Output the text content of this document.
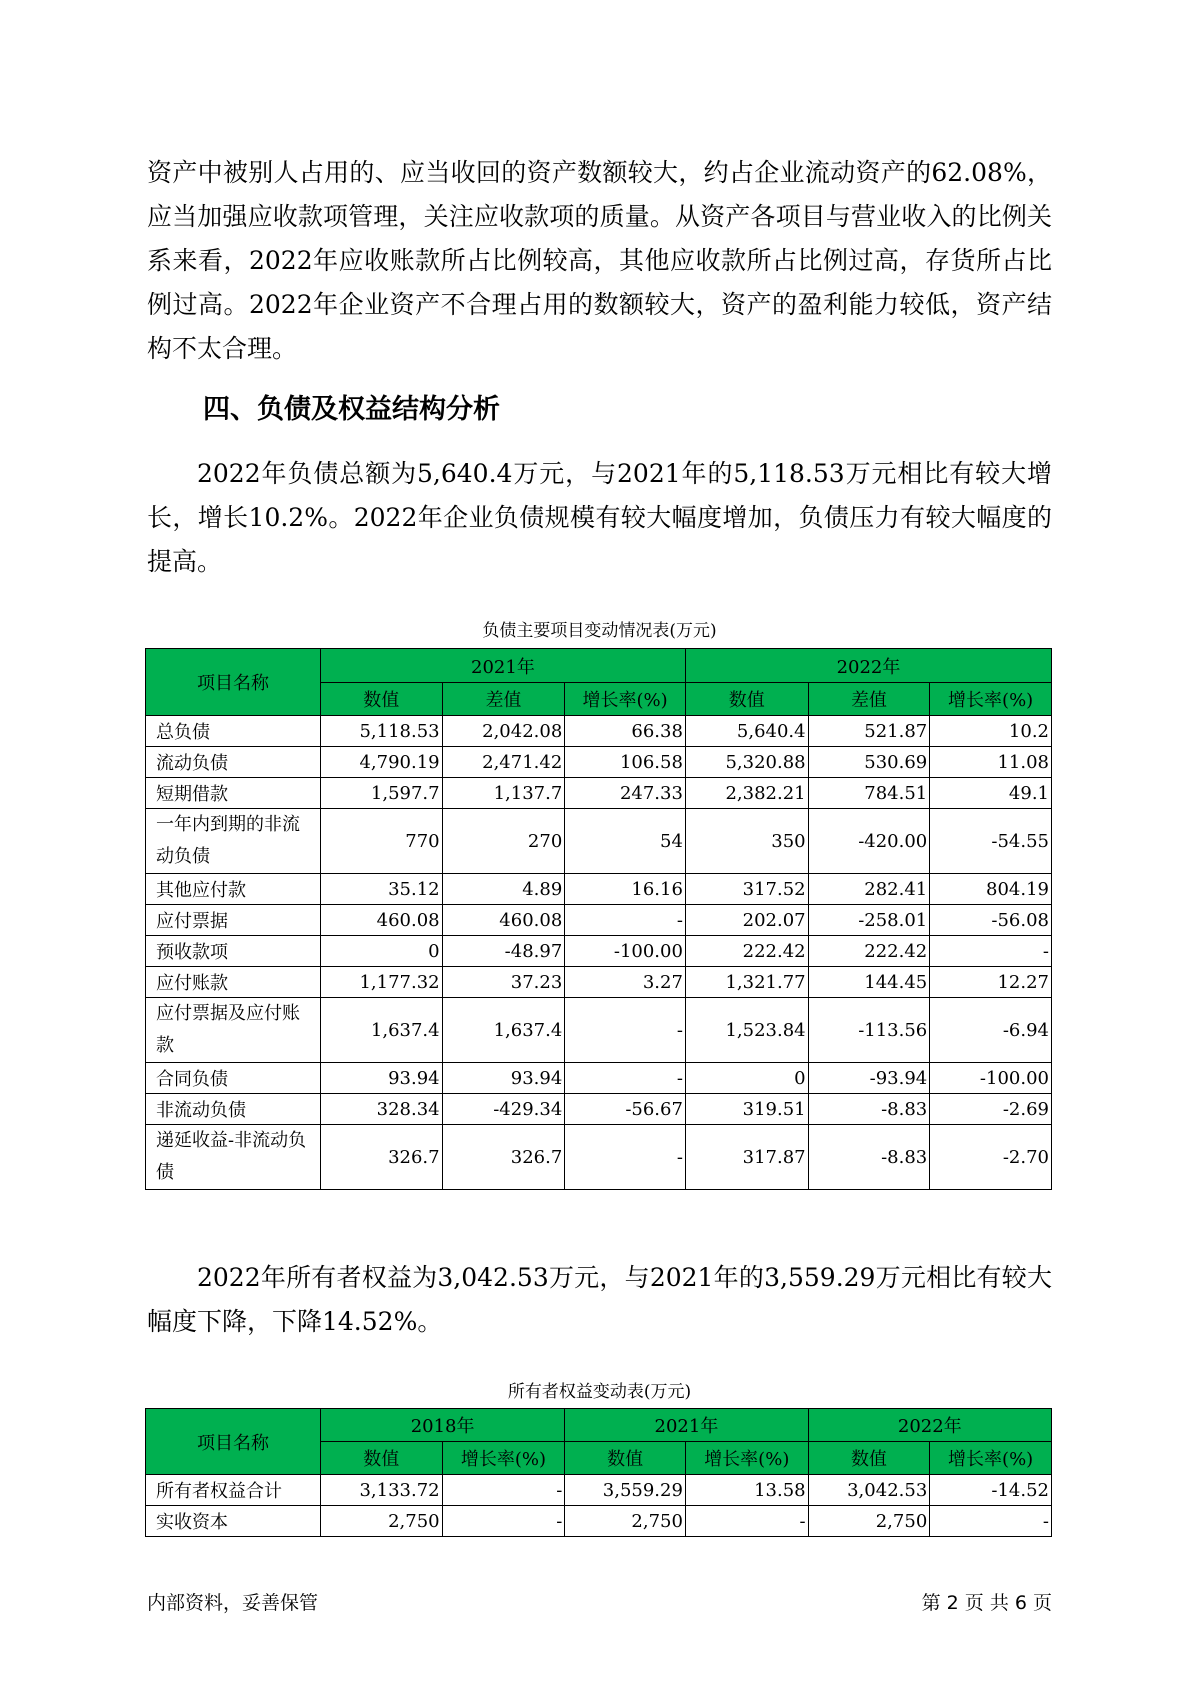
资产中被别人占用的、应当收回的资产数额较大，约占企业流动资产的62.08%，应当加强应收款项管理，关注应收款项的质量。从资产各项目与营业收入的比例关系来看，2022年应收账款所占比例较高，其他应收款所占比例过高，存货所占比例过高。2022年企业资产不合理占用的数额较大，资产的盈利能力较低，资产结构不太合理。

四、负债及权益结构分析

2022年负债总额为5,640.4万元，与2021年的5,118.53万元相比有较大增长，增长10.2%。2022年企业负债规模有较大幅度增加，负债压力有较大幅度的提高。

负债主要项目变动情况表(万元)
项目名称	2021年			2022年		
	数值	差值	增长率(%)	数值	差值	增长率(%)
总负债	5,118.53	2,042.08	66.38	5,640.4	521.87	10.2
流动负债	4,790.19	2,471.42	106.58	5,320.88	530.69	11.08
短期借款	1,597.7	1,137.7	247.33	2,382.21	784.51	49.1
一年内到期的非流动负债	770	270	54	350	-420.00	-54.55
其他应付款	35.12	4.89	16.16	317.52	282.41	804.19
应付票据	460.08	460.08	-	202.07	-258.01	-56.08
预收款项	0	-48.97	-100.00	222.42	222.42	-
应付账款	1,177.32	37.23	3.27	1,321.77	144.45	12.27
应付票据及应付账款	1,637.4	1,637.4	-	1,523.84	-113.56	-6.94
合同负债	93.94	93.94	-	0	-93.94	-100.00
非流动负债	328.34	-429.34	-56.67	319.51	-8.83	-2.69
递延收益-非流动负债	326.7	326.7	-	317.87	-8.83	-2.70

2022年所有者权益为3,042.53万元，与2021年的3,559.29万元相比有较大幅度下降，下降14.52%。

所有者权益变动表(万元)
项目名称	2018年		2021年		2022年	
	数值	增长率(%)	数值	增长率(%)	数值	增长率(%)
所有者权益合计	3,133.72	-	3,559.29	13.58	3,042.53	-14.52
实收资本	2,750	-	2,750	-	2,750	-
内部资料，妥善保管	第 2 页 共 6 页
